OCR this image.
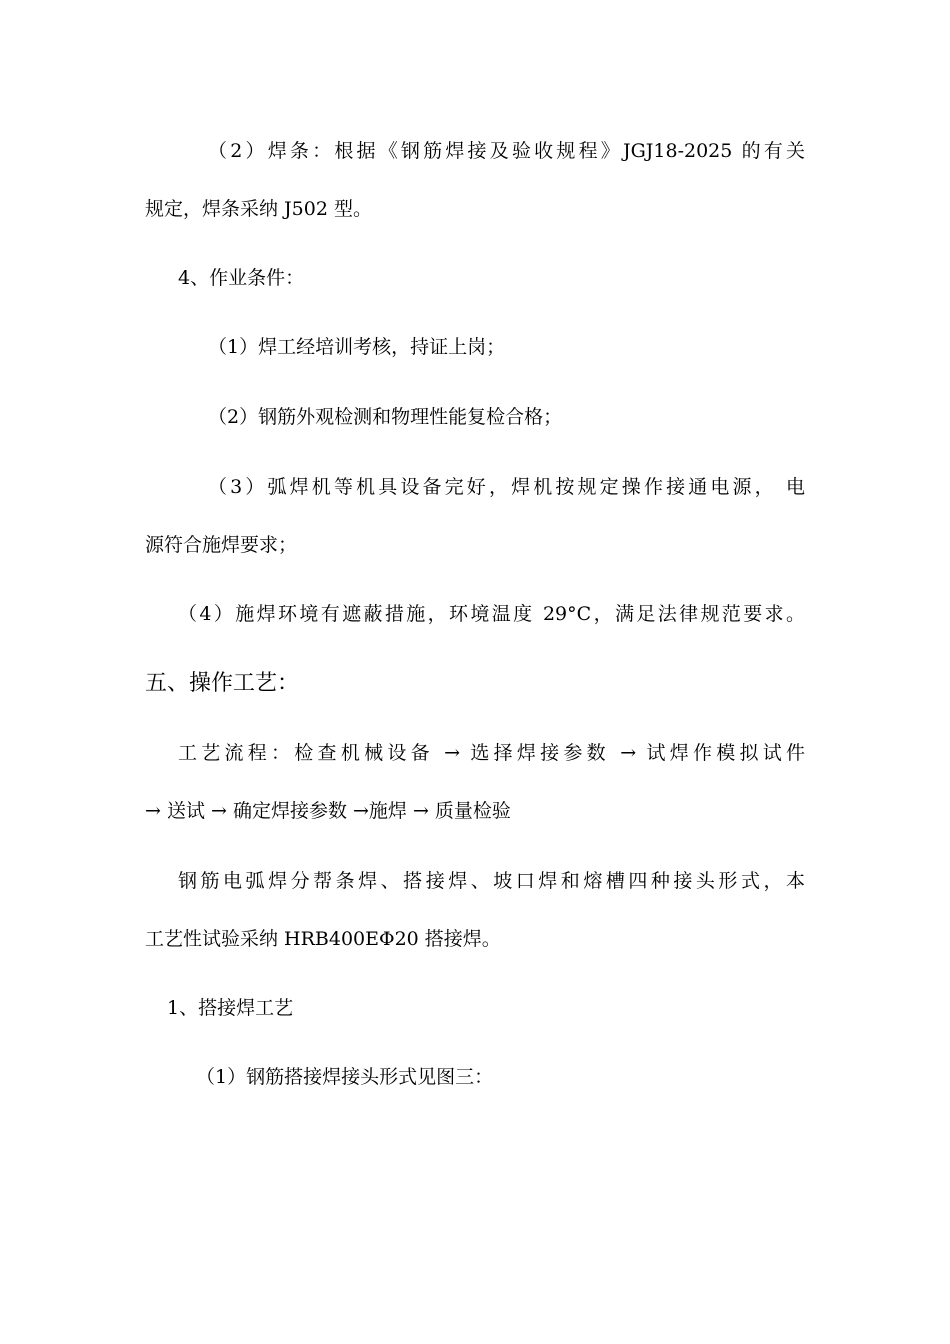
（2）焊条：根据《钢筋焊接及验收规程》JGJ18-2025 的有关
规定，焊条采纳 J502 型。
4、作业条件：
（1）焊工经培训考核，持证上岗；
（2）钢筋外观检测和物理性能复检合格；
（3）弧焊机等机具设备完好，焊机按规定操作接通电源， 电
源符合施焊要求；
（4）施焊环境有遮蔽措施，环境温度 29°C，满足法律规范要求。
五、操作工艺：
工艺流程：检查机械设备 → 选择焊接参数 → 试焊作模拟试件
→ 送试 → 确定焊接参数 →施焊 → 质量检验
钢筋电弧焊分帮条焊、搭接焊、坡口焊和熔槽四种接头形式，本
工艺性试验采纳 HRB400EΦ20 搭接焊。
1、搭接焊工艺
（1）钢筋搭接焊接头形式见图三：
